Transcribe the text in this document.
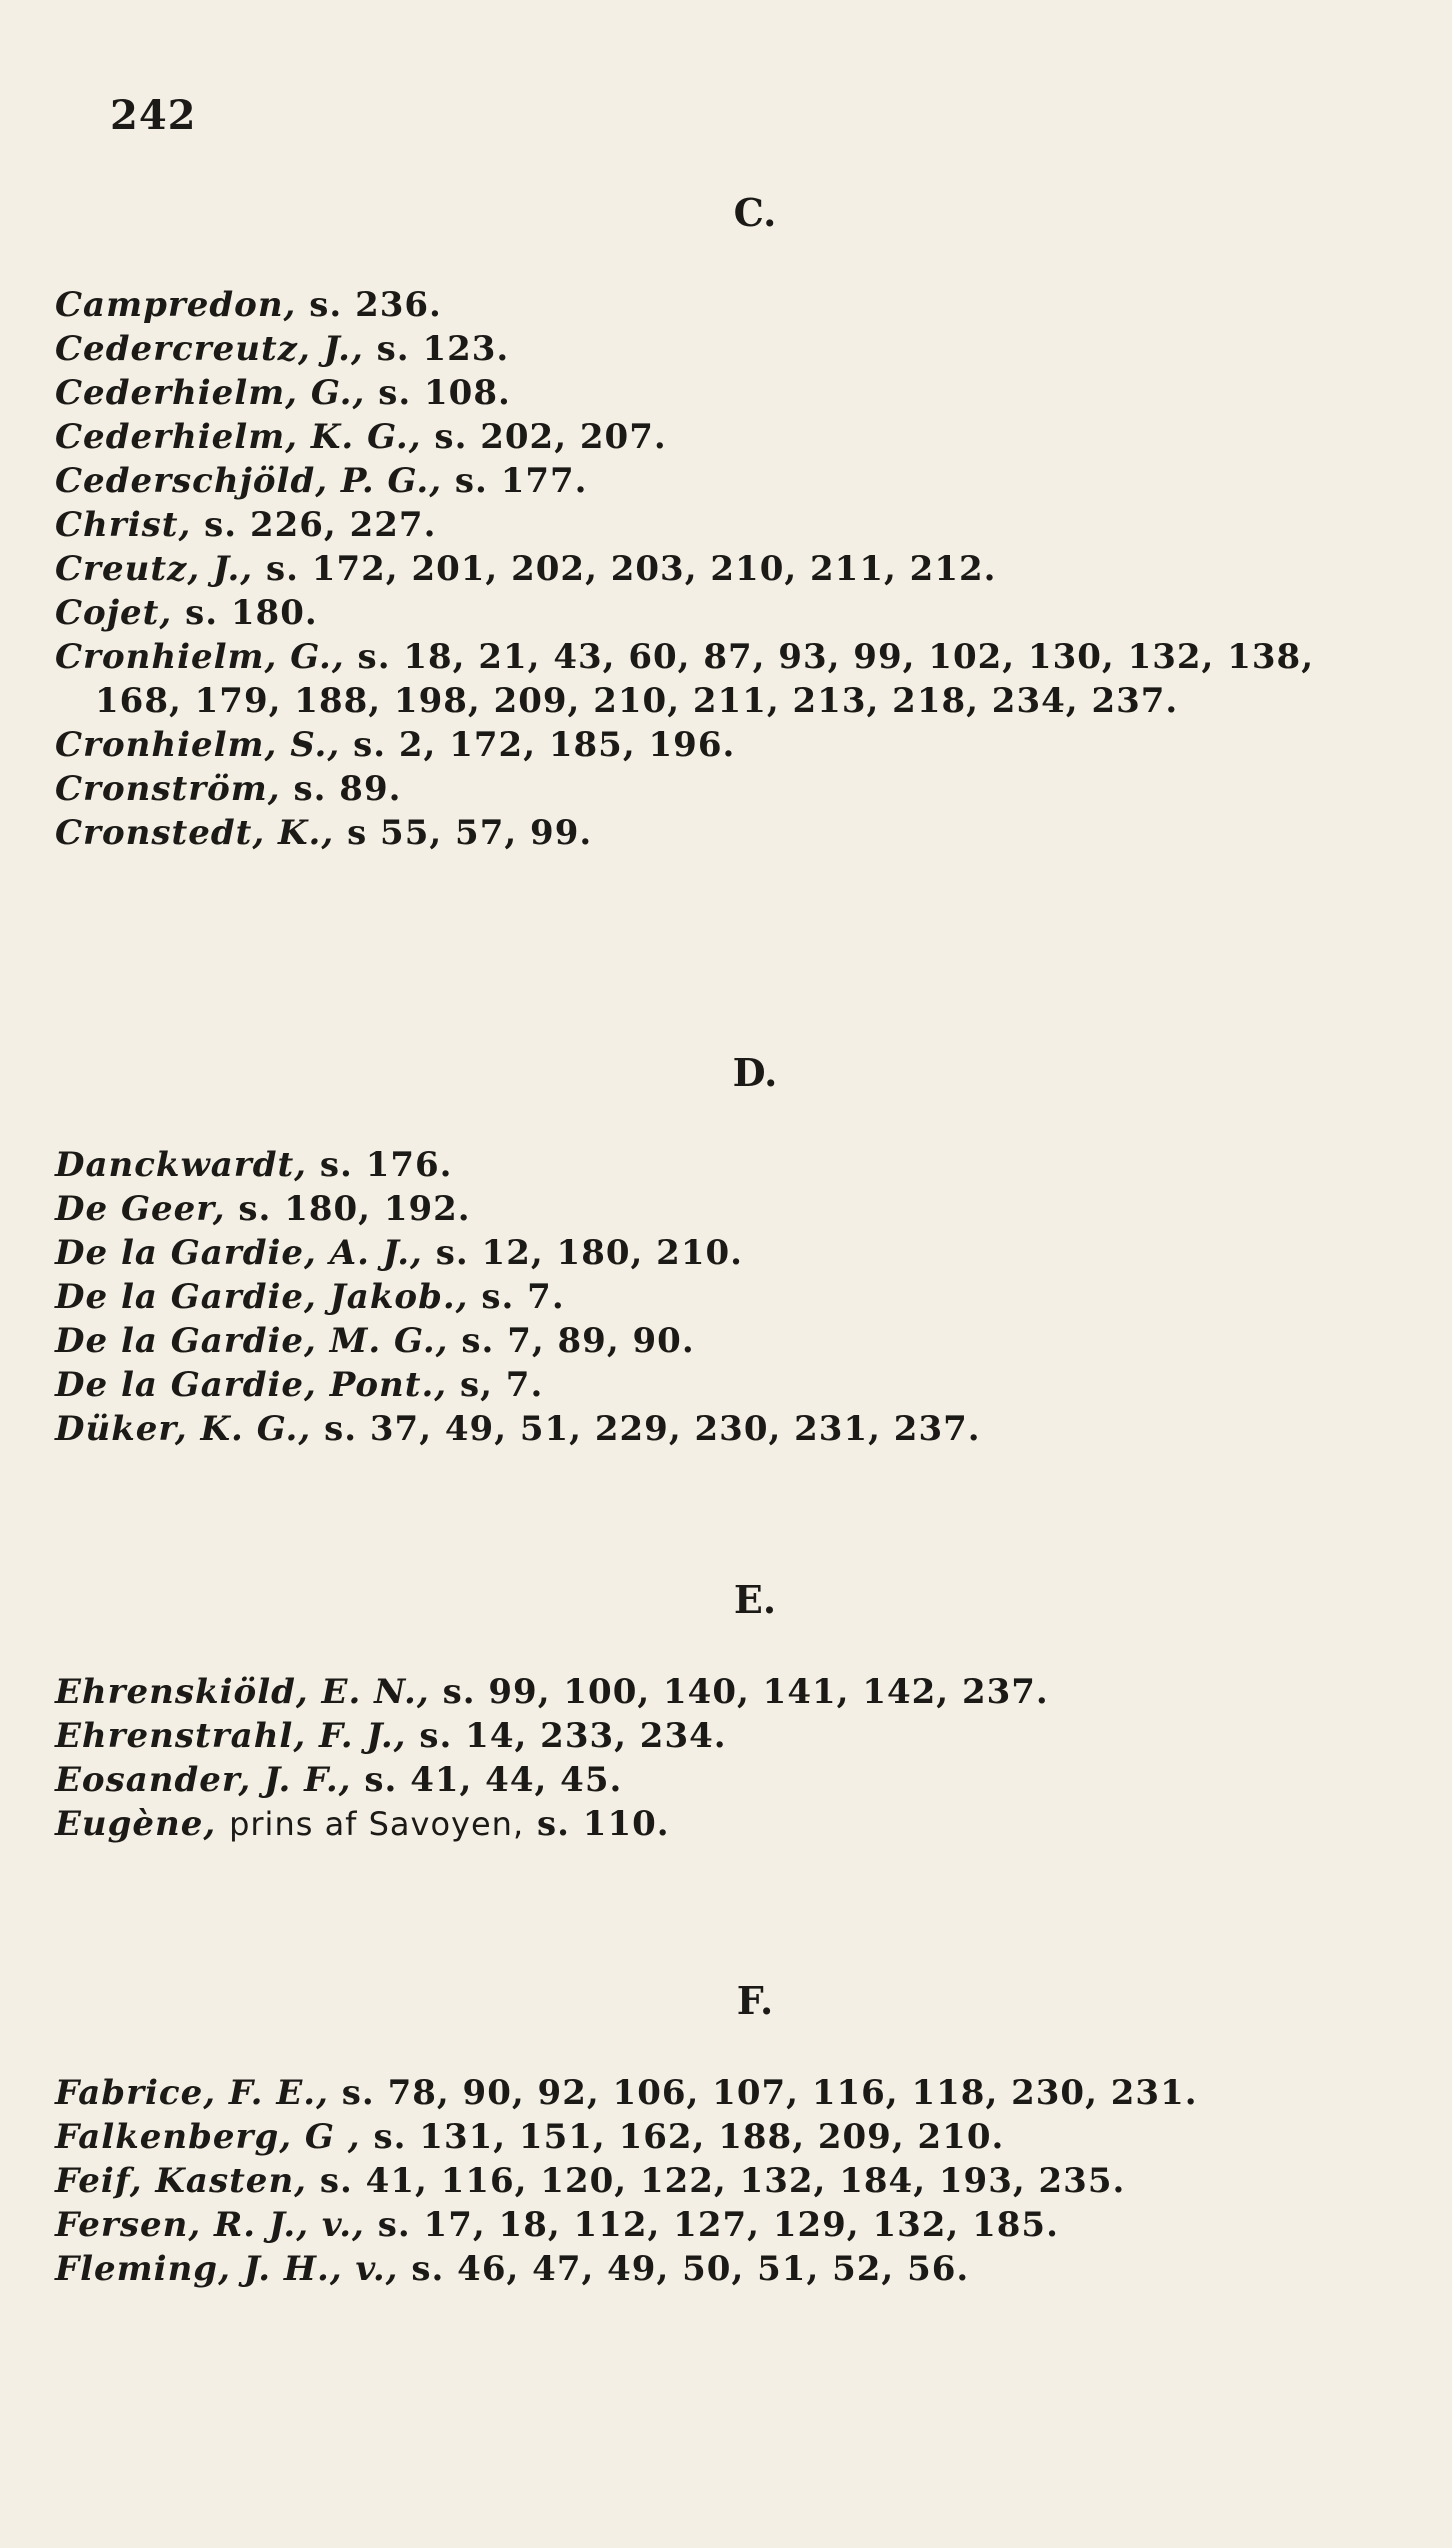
242
C.
Campredon, s. 236.
Cedercreutz, J., s. 123.
Cederhielm, G., s. 108.
Cederhielm, K. G., s. 202, 207.
Cederschjöld, P. G., s. 177.
Christ, s. 226, 227.
Creutz, J., s. 172, 201, 202, 203, 210, 211, 212.
Cojet, s. 180.
Cronhielm, G., s. 18, 21, 43, 60, 87, 93, 99, 102, 130, 132, 138, 168, 179, 188, 198, 209, 210, 211, 213, 218, 234, 237.
Cronhielm, S., s. 2, 172, 185, 196.
Cronström, s. 89.
Cronstedt, K., s 55, 57, 99.
D.
Danckwardt, s. 176.
De Geer, s. 180, 192.
De la Gardie, A. J., s. 12, 180, 210.
De la Gardie, Jakob., s. 7.
De la Gardie, M. G., s. 7, 89, 90.
De la Gardie, Pont., s, 7.
Düker, K. G., s. 37, 49, 51, 229, 230, 231, 237.
E.
Ehrenskiöld, E. N., s. 99, 100, 140, 141, 142, 237.
Ehrenstrahl, F. J., s. 14, 233, 234.
Eosander, J. F., s. 41, 44, 45.
Eugène, prins af Savoyen, s. 110.
F.
Fabrice, F. E., s. 78, 90, 92, 106, 107, 116, 118, 230, 231.
Falkenberg, G , s. 131, 151, 162, 188, 209, 210.
Feif, Kasten, s. 41, 116, 120, 122, 132, 184, 193, 235.
Fersen, R. J., v., s. 17, 18, 112, 127, 129, 132, 185.
Fleming, J. H., v., s. 46, 47, 49, 50, 51, 52, 56.
